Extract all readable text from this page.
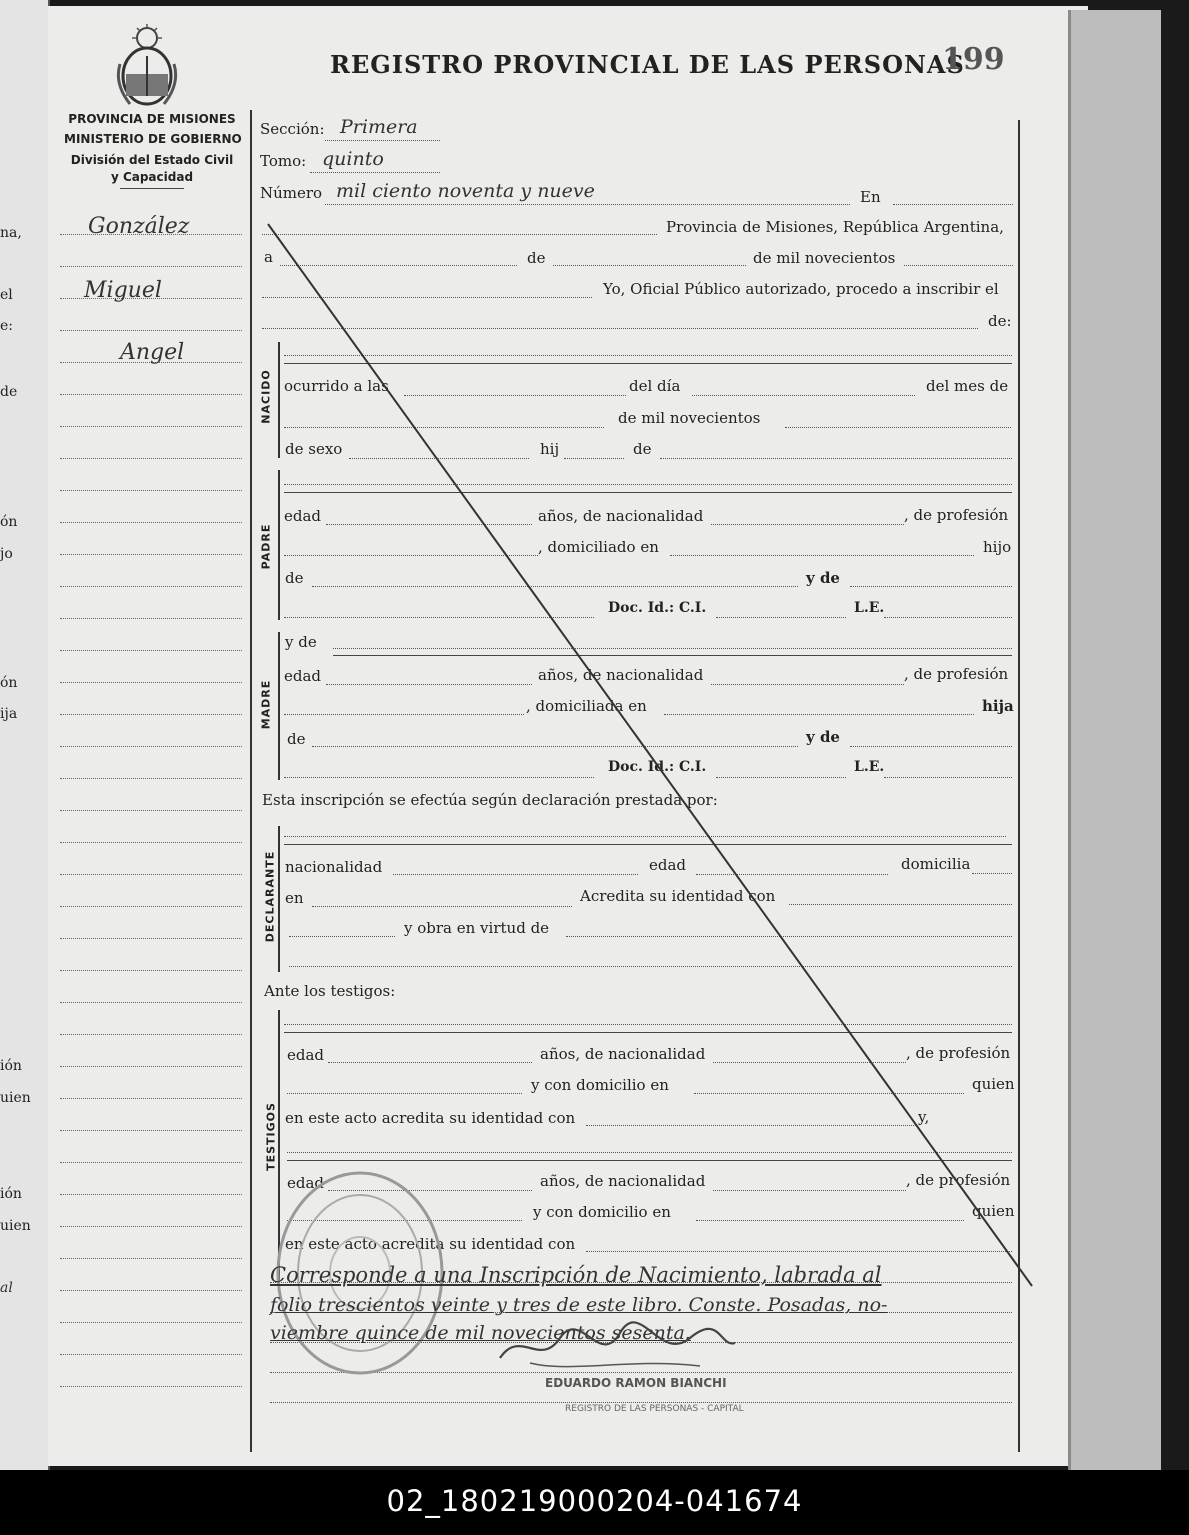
na,
el
e:
de
ón
jo
ón
ija
ión
uien
ión
uien
al
PROVINCIA DE MISIONES
MINISTERIO DE GOBIERNO
División del Estado Civil
y Capacidad
REGISTRO PROVINCIAL DE LAS PERSONAS
199
González
Miguel
Angel
Sección: Primera
Tomo: quinto
Número mil ciento noventa y nueve	En
Provincia de Misiones, República Argentina,
a	de	de mil novecientos
Yo, Oficial Público autorizado, procedo a inscribir el
de:
NACIDO ocurrido a las	del día	del mes de
de mil novecientos
de sexo	hij	de
PADRE
edad	años, de nacionalidad	, de profesión
, domiciliado en	hijo
de	y de
Doc. Id.: C.I.	L.E.
MADRE
y de
edad	años, de nacionalidad	, de profesión
, domiciliada en	hija
de	y de
Doc. Id.: C.I.	L.E.
Esta inscripción se efectúa según declaración prestada por:
DECLARANTE nacionalidad	edad	domicilia
en	Acredita su identidad con
y obra en virtud de
Ante los testigos:
TESTIGOS
edad	años, de nacionalidad	, de profesión
y con domicilio en	quien
en este acto acredita su identidad con	y,
edad	años, de nacionalidad	, de profesión
y con domicilio en	quien
en este acto acredita su identidad con
Corresponde a una Inscripción de Nacimiento, labrada al
folio trescientos veinte y tres de este libro. Conste. Posadas, no-
viembre quince de mil novecientos sesenta.
EDUARDO RAMON BIANCHI
REGISTRO DE LAS PERSONAS - CAPITAL
02_180219000204-041674
